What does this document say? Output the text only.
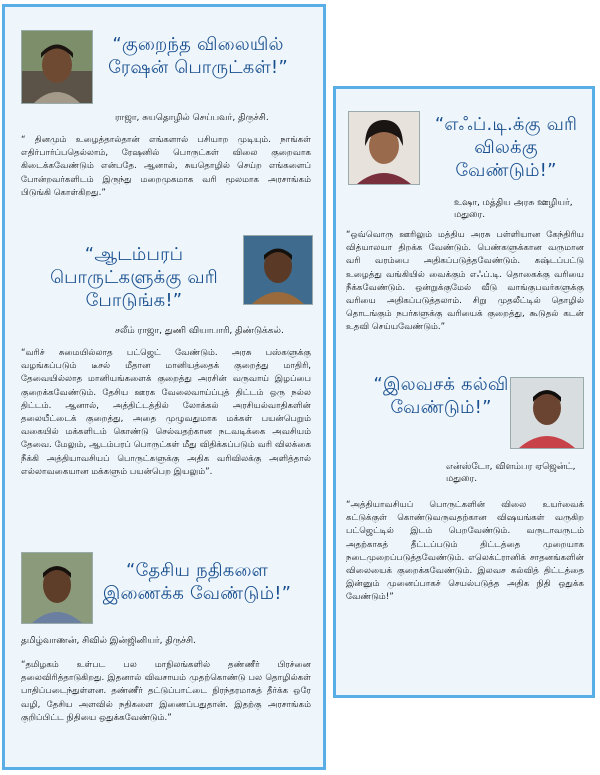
“குறைந்த விலையில் ரேஷன் பொருட்கள்!”
ராஜா, சுயதொழில் செய்பவர், திருச்சி.
“ தினமும் உழைத்தால்தான் எங்களால் பசியாற முடியும். நாங்கள் எதிர்பார்ப்பதெல்லாம், ரேஷனில் பொருட்கள் விலை குறைவாக கிடைக்கவேண்டும் என்பதே. ஆனால், சுயதொழில் செய்ற எங்களைப் போன்றவர்களிடம் இருந்து மறைமுகமாக வரி மூலமாக அரசாங்கம் பிடுங்கி கொள்கிறது.”
“ஆடம்பரப் பொருட்களுக்கு வரி போடுங்க!”
சலீம் ராஜா, துணி வியாபாரி, திண்டுக்கல்.
“வரிச் சுமையில்லாத பட்ஜெட் வேண்டும். அரசு பஸ்களுக்கு வழங்கப்படும் டீசல் மீதான மானியத்தைக் குறைத்து மாதிரி, தேவையில்லாத மானியங்களைக் குறைத்து அரசின் வருவாய் இழப்பை குறைக்கவேண்டும். தேசிய ஊரக வேலைவாய்ப்புத் திட்டம் ஒரு நல்ல திட்டம். ஆனால், அத்திட்டத்தில் லோக்கல் அரசியல்வாதிகளின் தலையீட்டைக் குறைத்து, அதை முழுவதுமாக மக்கள் பயன்பெறும் வகையில் மக்களிடம் கொண்டு செல்வதற்கான நடவடிக்கை அவசியம் தேவை. மேலும், ஆடம்பரப் பொருட்கள் மீது விதிக்கப்படும் வரி விலக்கை நீக்கி அத்தியாவசியப் பொருட்களுக்கு அதிக வரிவிலக்கு அளித்தால் எல்லாவகையான மக்களும் பயன்பெற இயலும்”.
“தேசிய நதிகளை இணைக்க வேண்டும்!”
தமிழ்வாணன், சிவில் இன்ஜினியர், திருச்சி.
“தமிழகம் உள்பட பல மாநிலங்களில் தண்ணீர் பிரச்னை தலைவிரித்தாடுகிறது. இதனால் விவசாயம் முதற்கொண்டு பல தொழில்கள் பாதிப்படைந்துள்ளன. தண்ணீர் தட்டுப்பாட்டை நிரந்தரமாகத் தீர்க்க ஒரே வழி, தேசிய அளவில் நதிகளை இணைப்பதுதான். இதற்கு அரசாங்கம் குறிப்பிட்ட நிதியை ஒதுக்கவேண்டும்.”
“எஃப்.டி.க்கு வரி விலக்கு வேண்டும்!”
உஷா, மத்திய அரசு ஊழியர், மதுரை.
“ஒவ்வொரு ஊரிலும் மத்திய அரசு பள்ளியான கேந்திரிய வித்யாலயா திறக்க வேண்டும். பெண்களுக்கான வருமான வரி வரம்பை அதிகப்படுத்தவேண்டும். கஷ்டப்பட்டு உழைத்து வங்கியில் வைக்கும் எஃப்.டி. தொகைக்கு வரியை நீக்கவேண்டும். ஒன்றுக்குமேல் வீடு வாங்குபவர்களுக்கு வரியை அதிகப்படுத்தலாம். சிறு முதலீட்டில் தொழில் தொடங்கும் நபர்களுக்கு வரியைக் குறைத்து, கூடுதல் கடன் உதவி செய்யவேண்டும்.”
“இலவசக் கல்வி வேண்டும்!”
என்ஸ்டோ, விளம்பர ஏஜென்ட், மதுரை.
“அத்தியாவசியப் பொருட்களின் விலை உயர்வைக் கட்டுக்குள் கொண்டுவருவதற்கான விஷயங்கள் வருகிற பட்ஜெட்டில் இடம் பெறவேண்டும். வருடாவருடம் அதற்காகத் தீட்டப்படும் திட்டத்தை முறையாக நடைமுறைப்படுத்தவேண்டும். எலெக்ட்ரானிக் சாதனங்களின் விலையைக் குறைக்கவேண்டும். இலவச கல்வித் திட்டத்தை இன்னும் முனைப்பாகச் செயல்படுத்த அதிக நிதி ஒதுக்க வேண்டும்!”
